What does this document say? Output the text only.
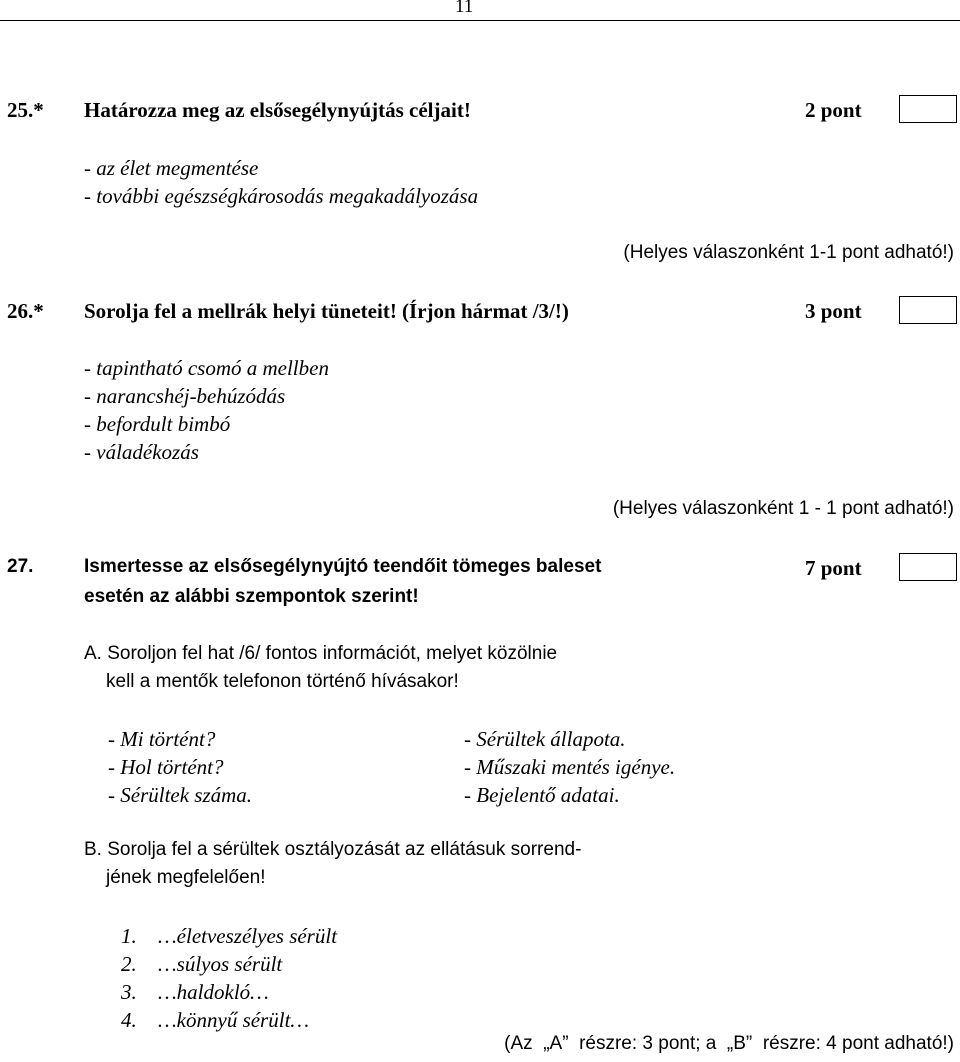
11
25.* Határozza meg az elsősegélynyújtás céljait!	2 pont
- az élet megmentése
- további egészségkárosodás megakadályozása
(Helyes válaszonként 1-1 pont adható!)
26.* Sorolja fel a mellrák helyi tüneteit! (Írjon hármat /3/!)	3 pont
- tapintható csomó a mellben
- narancshéj-behúzódás
- befordult bimbó
- váladékozás
(Helyes válaszonként 1 - 1 pont adható!)
27.	Ismertesse az elsősegélynyújtó teendőit tömeges baleset
esetén az alábbi szempontok szerint!
7 pont
A. Soroljon fel hat /6/ fontos információt, melyet közölnie
kell a mentők telefonon történő hívásakor!
- Mi történt?
- Hol történt?
- Sérültek száma.
- Sérültek állapota.
- Műszaki mentés igénye.
- Bejelentő adatai.
B. Sorolja fel a sérültek osztályozását az ellátásuk sorrend-
jének megfelelően!
1. …életveszélyes sérült
2. …súlyos sérült
3. …haldokló…
4. …könnyű sérült…
(Az  „A”  részre: 3 pont; a  „B”  részre: 4 pont adható!)
